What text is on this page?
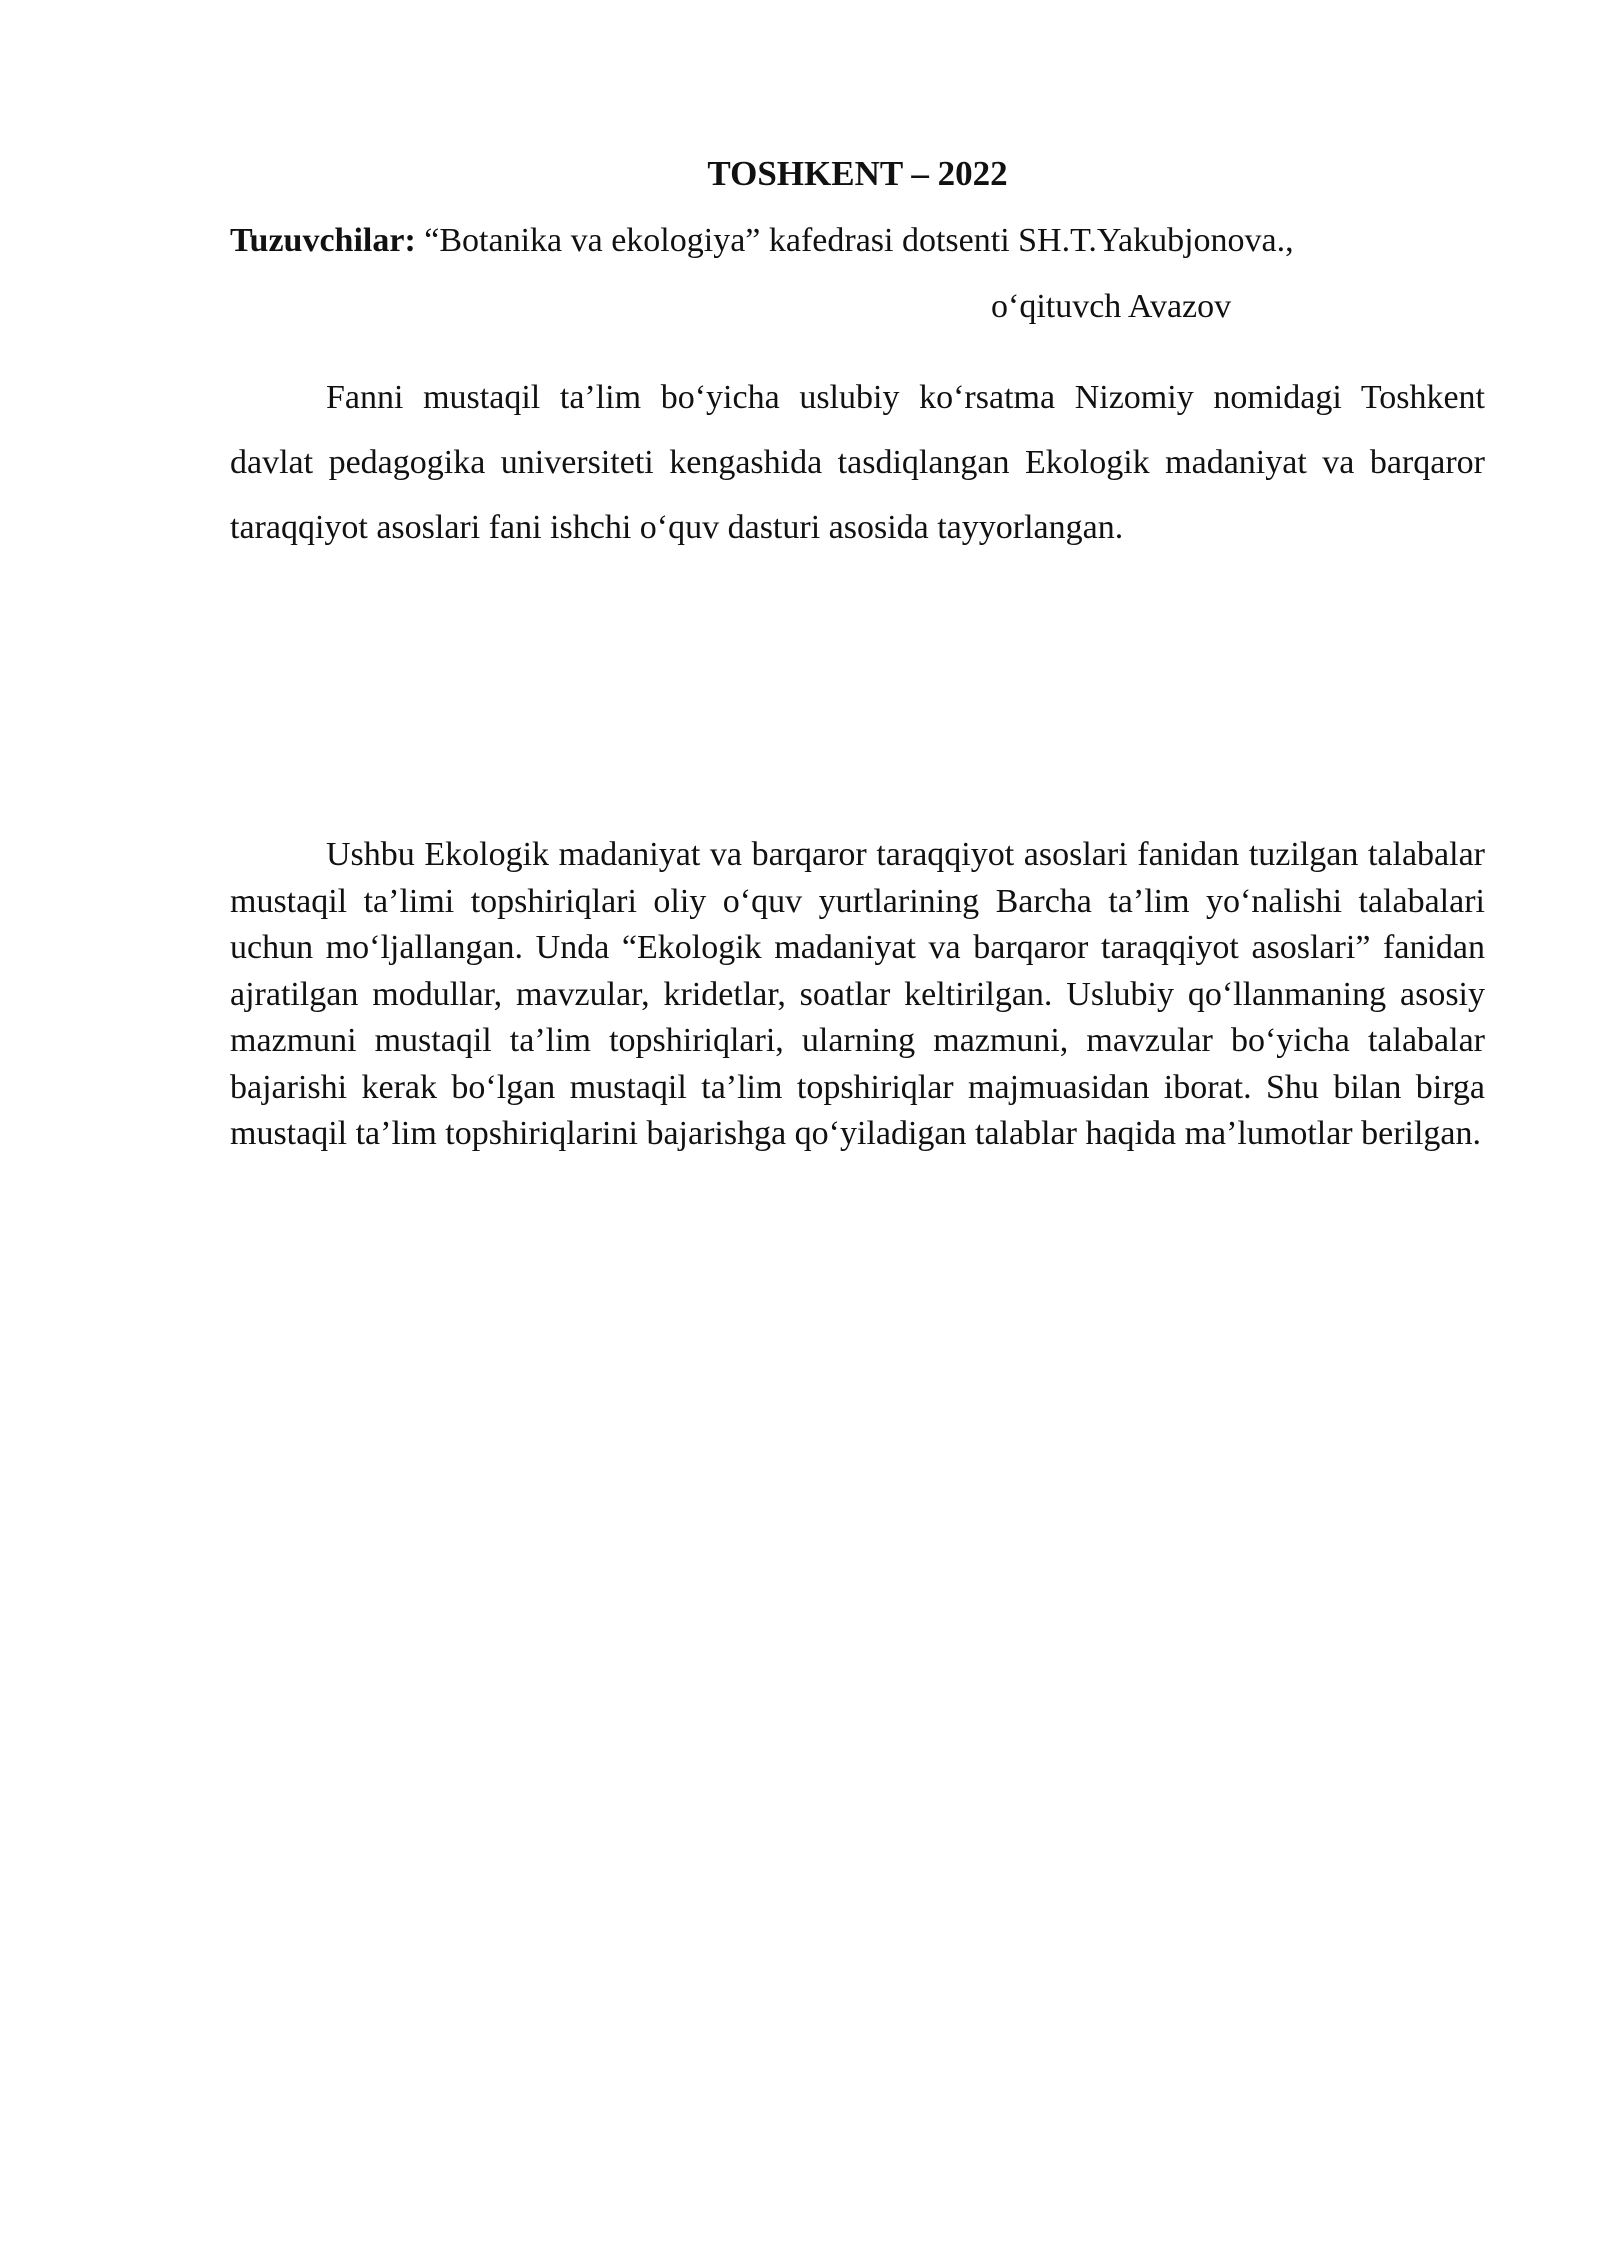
TOSHKENT – 2022
Tuzuvchilar: “Botanika va ekologiya” kafedrasi dotsenti SH.T.Yakubjonova.,
o‘qituvch Avazov

Fanni mustaqil ta’lim bo‘yicha uslubiy ko‘rsatma Nizomiy nomidagi Toshkent davlat pedagogika universiteti kengashida tasdiqlangan Ekologik madaniyat va barqaror taraqqiyot asoslari fani ishchi o‘quv dasturi asosida tayyorlangan.

Ushbu Ekologik madaniyat va barqaror taraqqiyot asoslari fanidan tuzilgan talabalar mustaqil ta’limi topshiriqlari oliy o‘quv yurtlarining Barcha ta’lim yo‘nalishi talabalari uchun mo‘ljallangan. Unda “Ekologik madaniyat va barqaror taraqqiyot asoslari” fanidan ajratilgan modullar, mavzular, kridetlar, soatlar keltirilgan. Uslubiy qo‘llanmaning asosiy mazmuni mustaqil ta’lim topshiriqlari, ularning mazmuni, mavzular bo‘yicha talabalar bajarishi kerak bo‘lgan mustaqil ta’lim topshiriqlar majmuasidan iborat. Shu bilan birga mustaqil ta’lim topshiriqlarini bajarishga qo‘yiladigan talablar haqida ma’lumotlar berilgan.
